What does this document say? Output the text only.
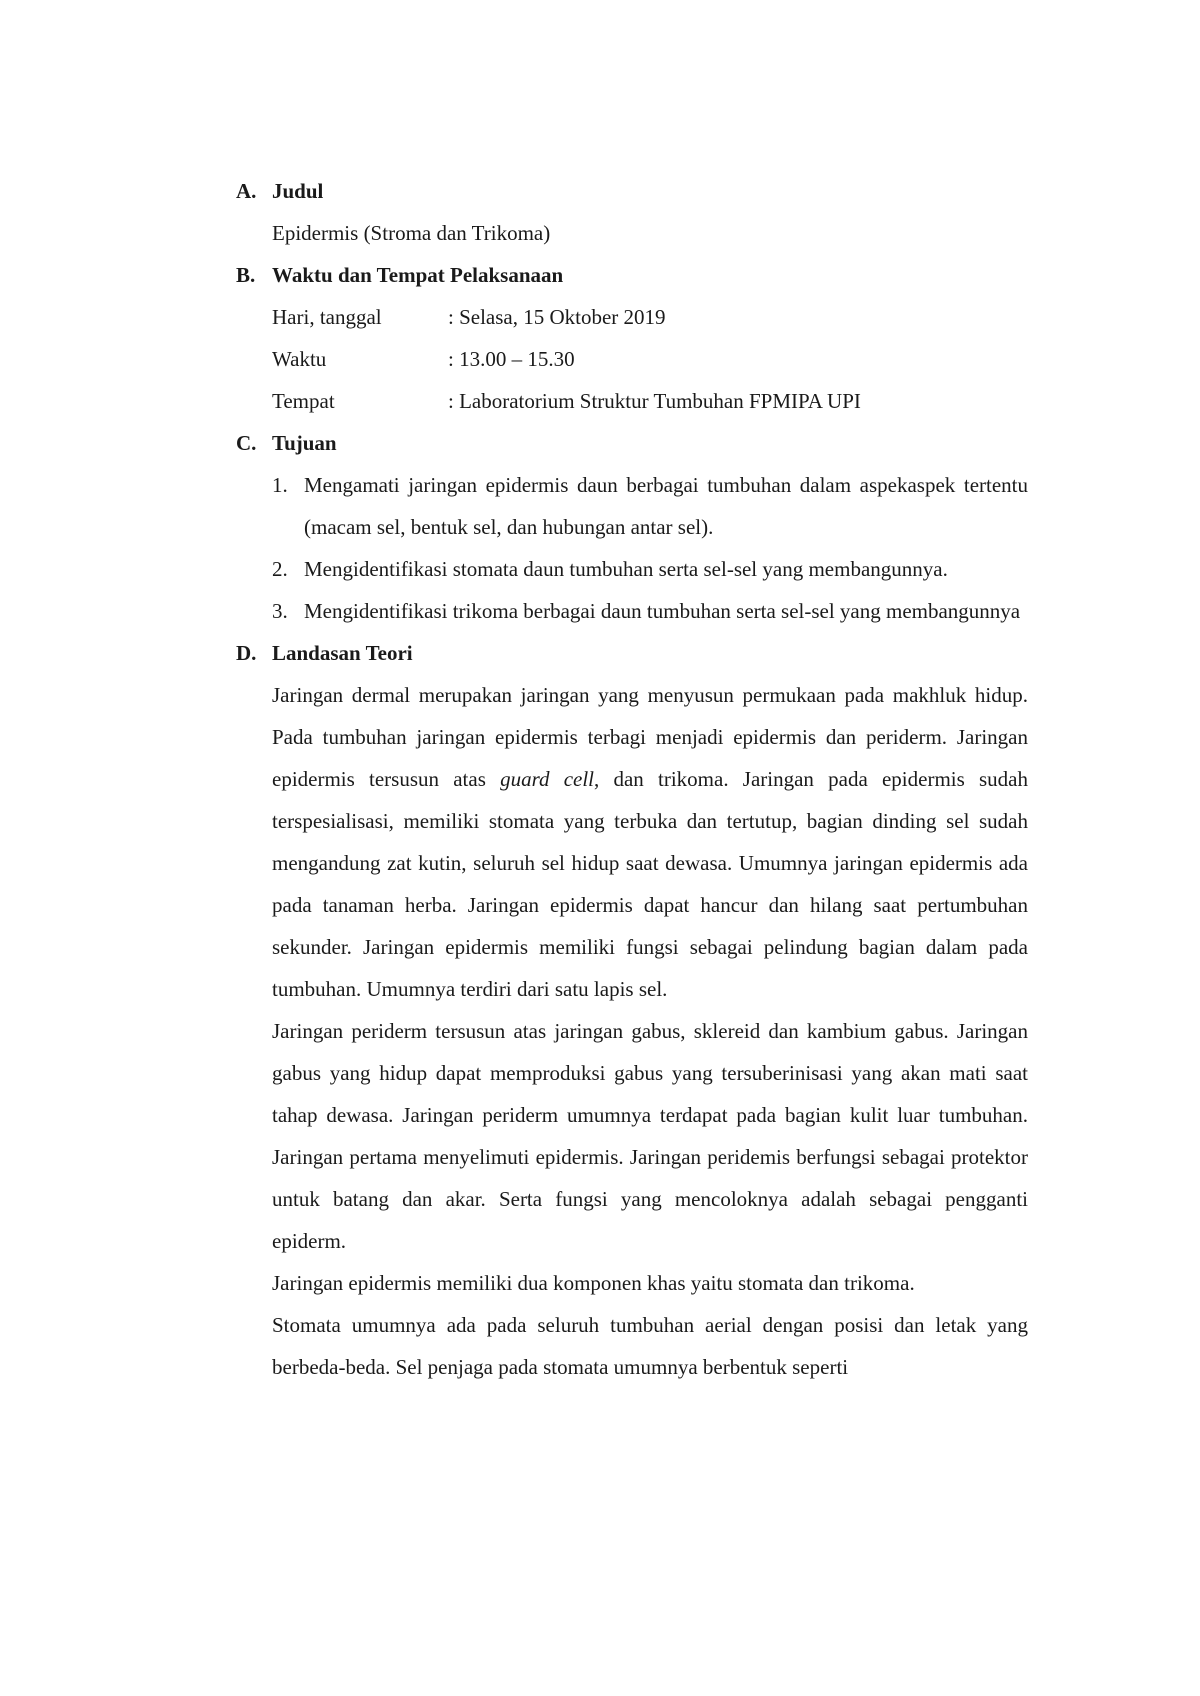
A. Judul
Epidermis (Stroma dan Trikoma)
B. Waktu dan Tempat Pelaksanaan
Hari, tanggal	: Selasa, 15 Oktober 2019
Waktu	: 13.00 – 15.30
Tempat	: Laboratorium Struktur Tumbuhan FPMIPA UPI
C. Tujuan
1. Mengamati jaringan epidermis daun berbagai tumbuhan dalam aspekaspek tertentu (macam sel, bentuk sel, dan hubungan antar sel).
2. Mengidentifikasi stomata daun tumbuhan serta sel-sel yang membangunnya.
3. Mengidentifikasi trikoma berbagai daun tumbuhan serta sel-sel yang membangunnya
D. Landasan Teori
Jaringan dermal merupakan jaringan yang menyusun permukaan pada makhluk hidup. Pada tumbuhan jaringan epidermis terbagi menjadi epidermis dan periderm. Jaringan epidermis tersusun atas guard cell, dan trikoma. Jaringan pada epidermis sudah terspesialisasi, memiliki stomata yang terbuka dan tertutup, bagian dinding sel sudah mengandung zat kutin, seluruh sel hidup saat dewasa. Umumnya jaringan epidermis ada pada tanaman herba. Jaringan epidermis dapat hancur dan hilang saat pertumbuhan sekunder. Jaringan epidermis memiliki fungsi sebagai pelindung bagian dalam pada tumbuhan. Umumnya terdiri dari satu lapis sel.
Jaringan periderm tersusun atas jaringan gabus, sklereid dan kambium gabus. Jaringan gabus yang hidup dapat memproduksi gabus yang tersuberinisasi yang akan mati saat tahap dewasa. Jaringan periderm umumnya terdapat pada bagian kulit luar tumbuhan. Jaringan pertama menyelimuti epidermis. Jaringan peridemis berfungsi sebagai protektor untuk batang dan akar. Serta fungsi yang mencoloknya adalah sebagai pengganti epiderm.
Jaringan epidermis memiliki dua komponen khas yaitu stomata dan trikoma.
Stomata umumnya ada pada seluruh tumbuhan aerial dengan posisi dan letak yang berbeda-beda. Sel penjaga pada stomata umumnya berbentuk seperti
